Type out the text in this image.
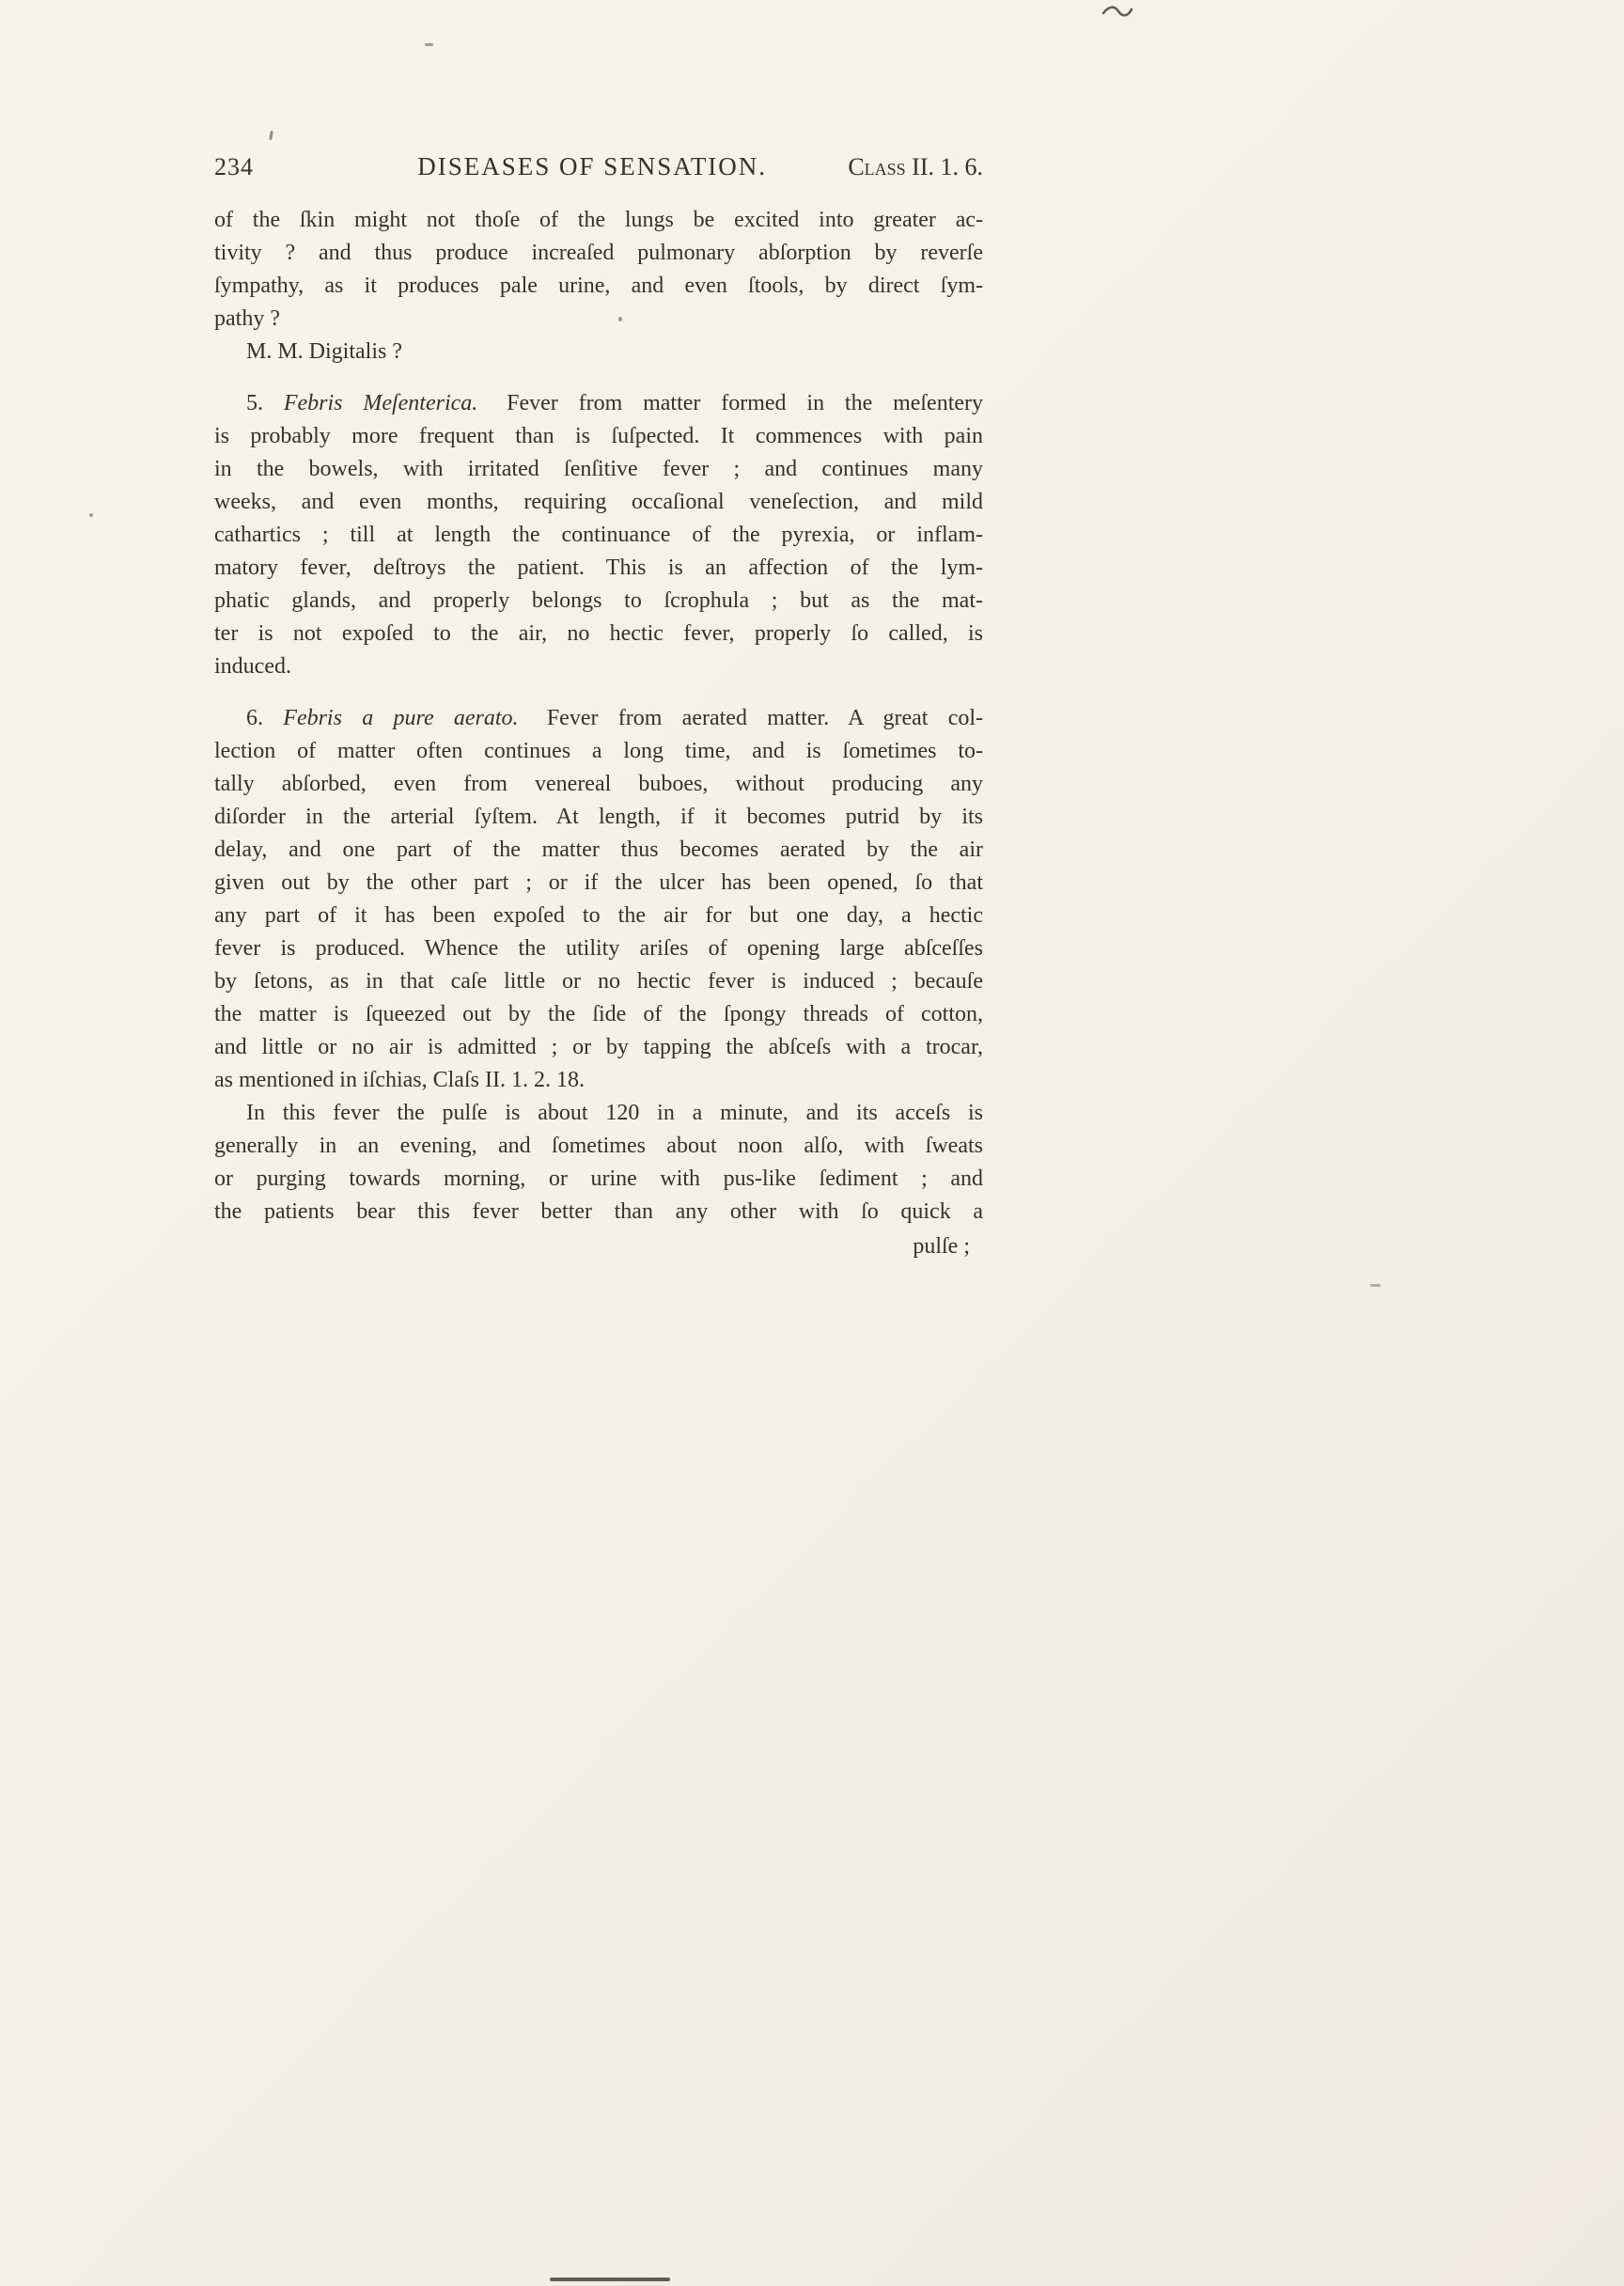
234	DISEASES OF SENSATION.	Class II. 1. 6.
of the ſkin might not thoſe of the lungs be excited into greater ac-
tivity ? and thus produce increaſed pulmonary abſorption by reverſe
ſympathy, as it produces pale urine, and even ſtools, by direct ſym-
pathy ?
M. M. Digitalis ?
5. Febris Meſenterica. Fever from matter formed in the meſentery
is probably more frequent than is ſuſpected. It commences with pain
in the bowels, with irritated ſenſitive fever ; and continues many
weeks, and even months, requiring occaſional veneſection, and mild
cathartics ; till at length the continuance of the pyrexia, or inflam-
matory fever, deſtroys the patient. This is an affection of the lym-
phatic glands, and properly belongs to ſcrophula ; but as the mat-
ter is not expoſed to the air, no hectic fever, properly ſo called, is
induced.
6. Febris a pure aerato. Fever from aerated matter. A great col-
lection of matter often continues a long time, and is ſometimes to-
tally abſorbed, even from venereal buboes, without producing any
diſorder in the arterial ſyſtem. At length, if it becomes putrid by its
delay, and one part of the matter thus becomes aerated by the air
given out by the other part ; or if the ulcer has been opened, ſo that
any part of it has been expoſed to the air for but one day, a hectic
fever is produced. Whence the utility ariſes of opening large abſceſſes
by ſetons, as in that caſe little or no hectic fever is induced ; becauſe
the matter is ſqueezed out by the ſide of the ſpongy threads of cotton,
and little or no air is admitted ; or by tapping the abſceſs with a trocar,
as mentioned in iſchias, Claſs II. 1. 2. 18.
In this fever the pulſe is about 120 in a minute, and its acceſs is
generally in an evening, and ſometimes about noon alſo, with ſweats
or purging towards morning, or urine with pus-like ſediment ; and
the patients bear this fever better than any other with ſo quick a
pulſe ;
